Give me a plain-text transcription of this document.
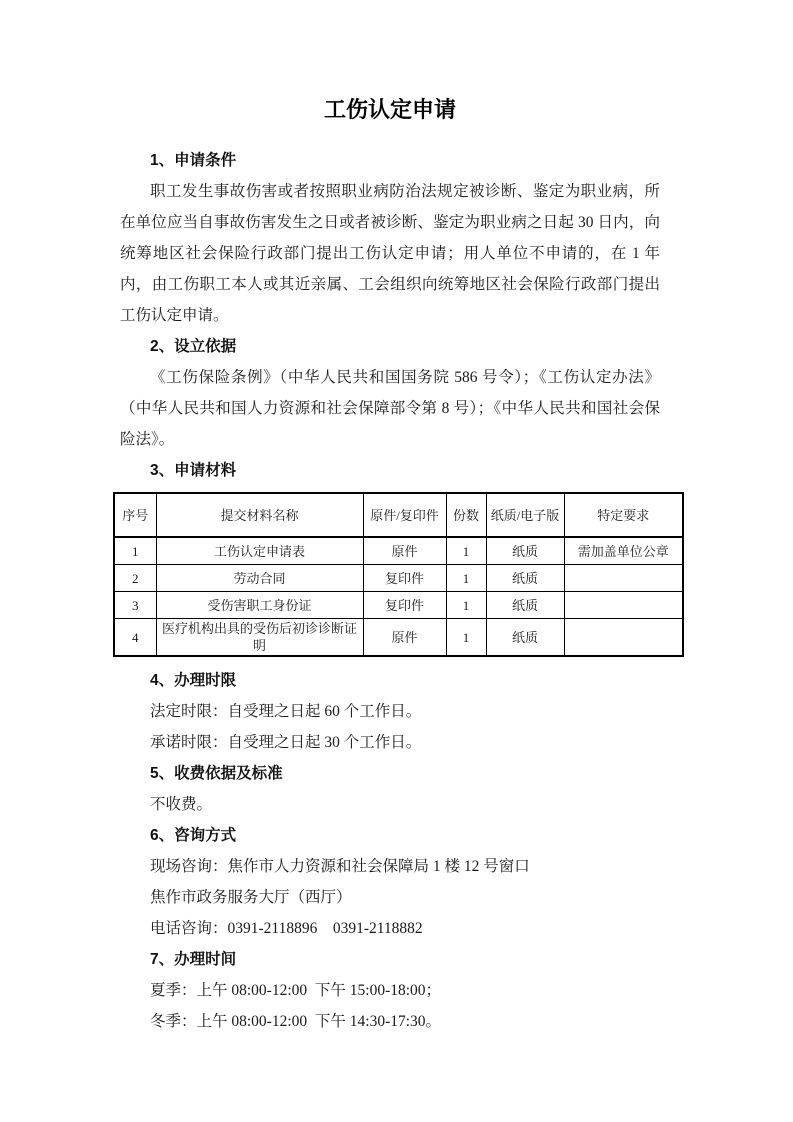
工伤认定申请
1、申请条件

职工发生事故伤害或者按照职业病防治法规定被诊断、鉴定为职业病，所在单位应当自事故伤害发生之日或者被诊断、鉴定为职业病之日起 30 日内，向统筹地区社会保险行政部门提出工伤认定申请；用人单位不申请的，在 1 年内，由工伤职工本人或其近亲属、工会组织向统筹地区社会保险行政部门提出工伤认定申请。

2、设立依据

《工伤保险条例》（中华人民共和国国务院 586 号令）；《工伤认定办法》（中华人民共和国人力资源和社会保障部令第 8 号）；《中华人民共和国社会保险法》。

3、申请材料
序号	提交材料名称	原件/复印件	份数	纸质/电子版	特定要求
1	工伤认定申请表	原件	1	纸质	需加盖单位公章
2	劳动合同	复印件	1	纸质	
3	受伤害职工身份证	复印件	1	纸质	
4	医疗机构出具的受伤后初诊诊断证明	原件	1	纸质	
4、办理时限

法定时限：自受理之日起 60 个工作日。

承诺时限：自受理之日起 30 个工作日。

5、收费依据及标准

不收费。

6、咨询方式

现场咨询：焦作市人力资源和社会保障局 1 楼 12 号窗口

焦作市政务服务大厅（西厅）

电话咨询：0391-2118896　0391-2118882

7、办理时间

夏季：上午 08:00-12:00  下午 15:00-18:00；

冬季：上午 08:00-12:00  下午 14:30-17:30。
